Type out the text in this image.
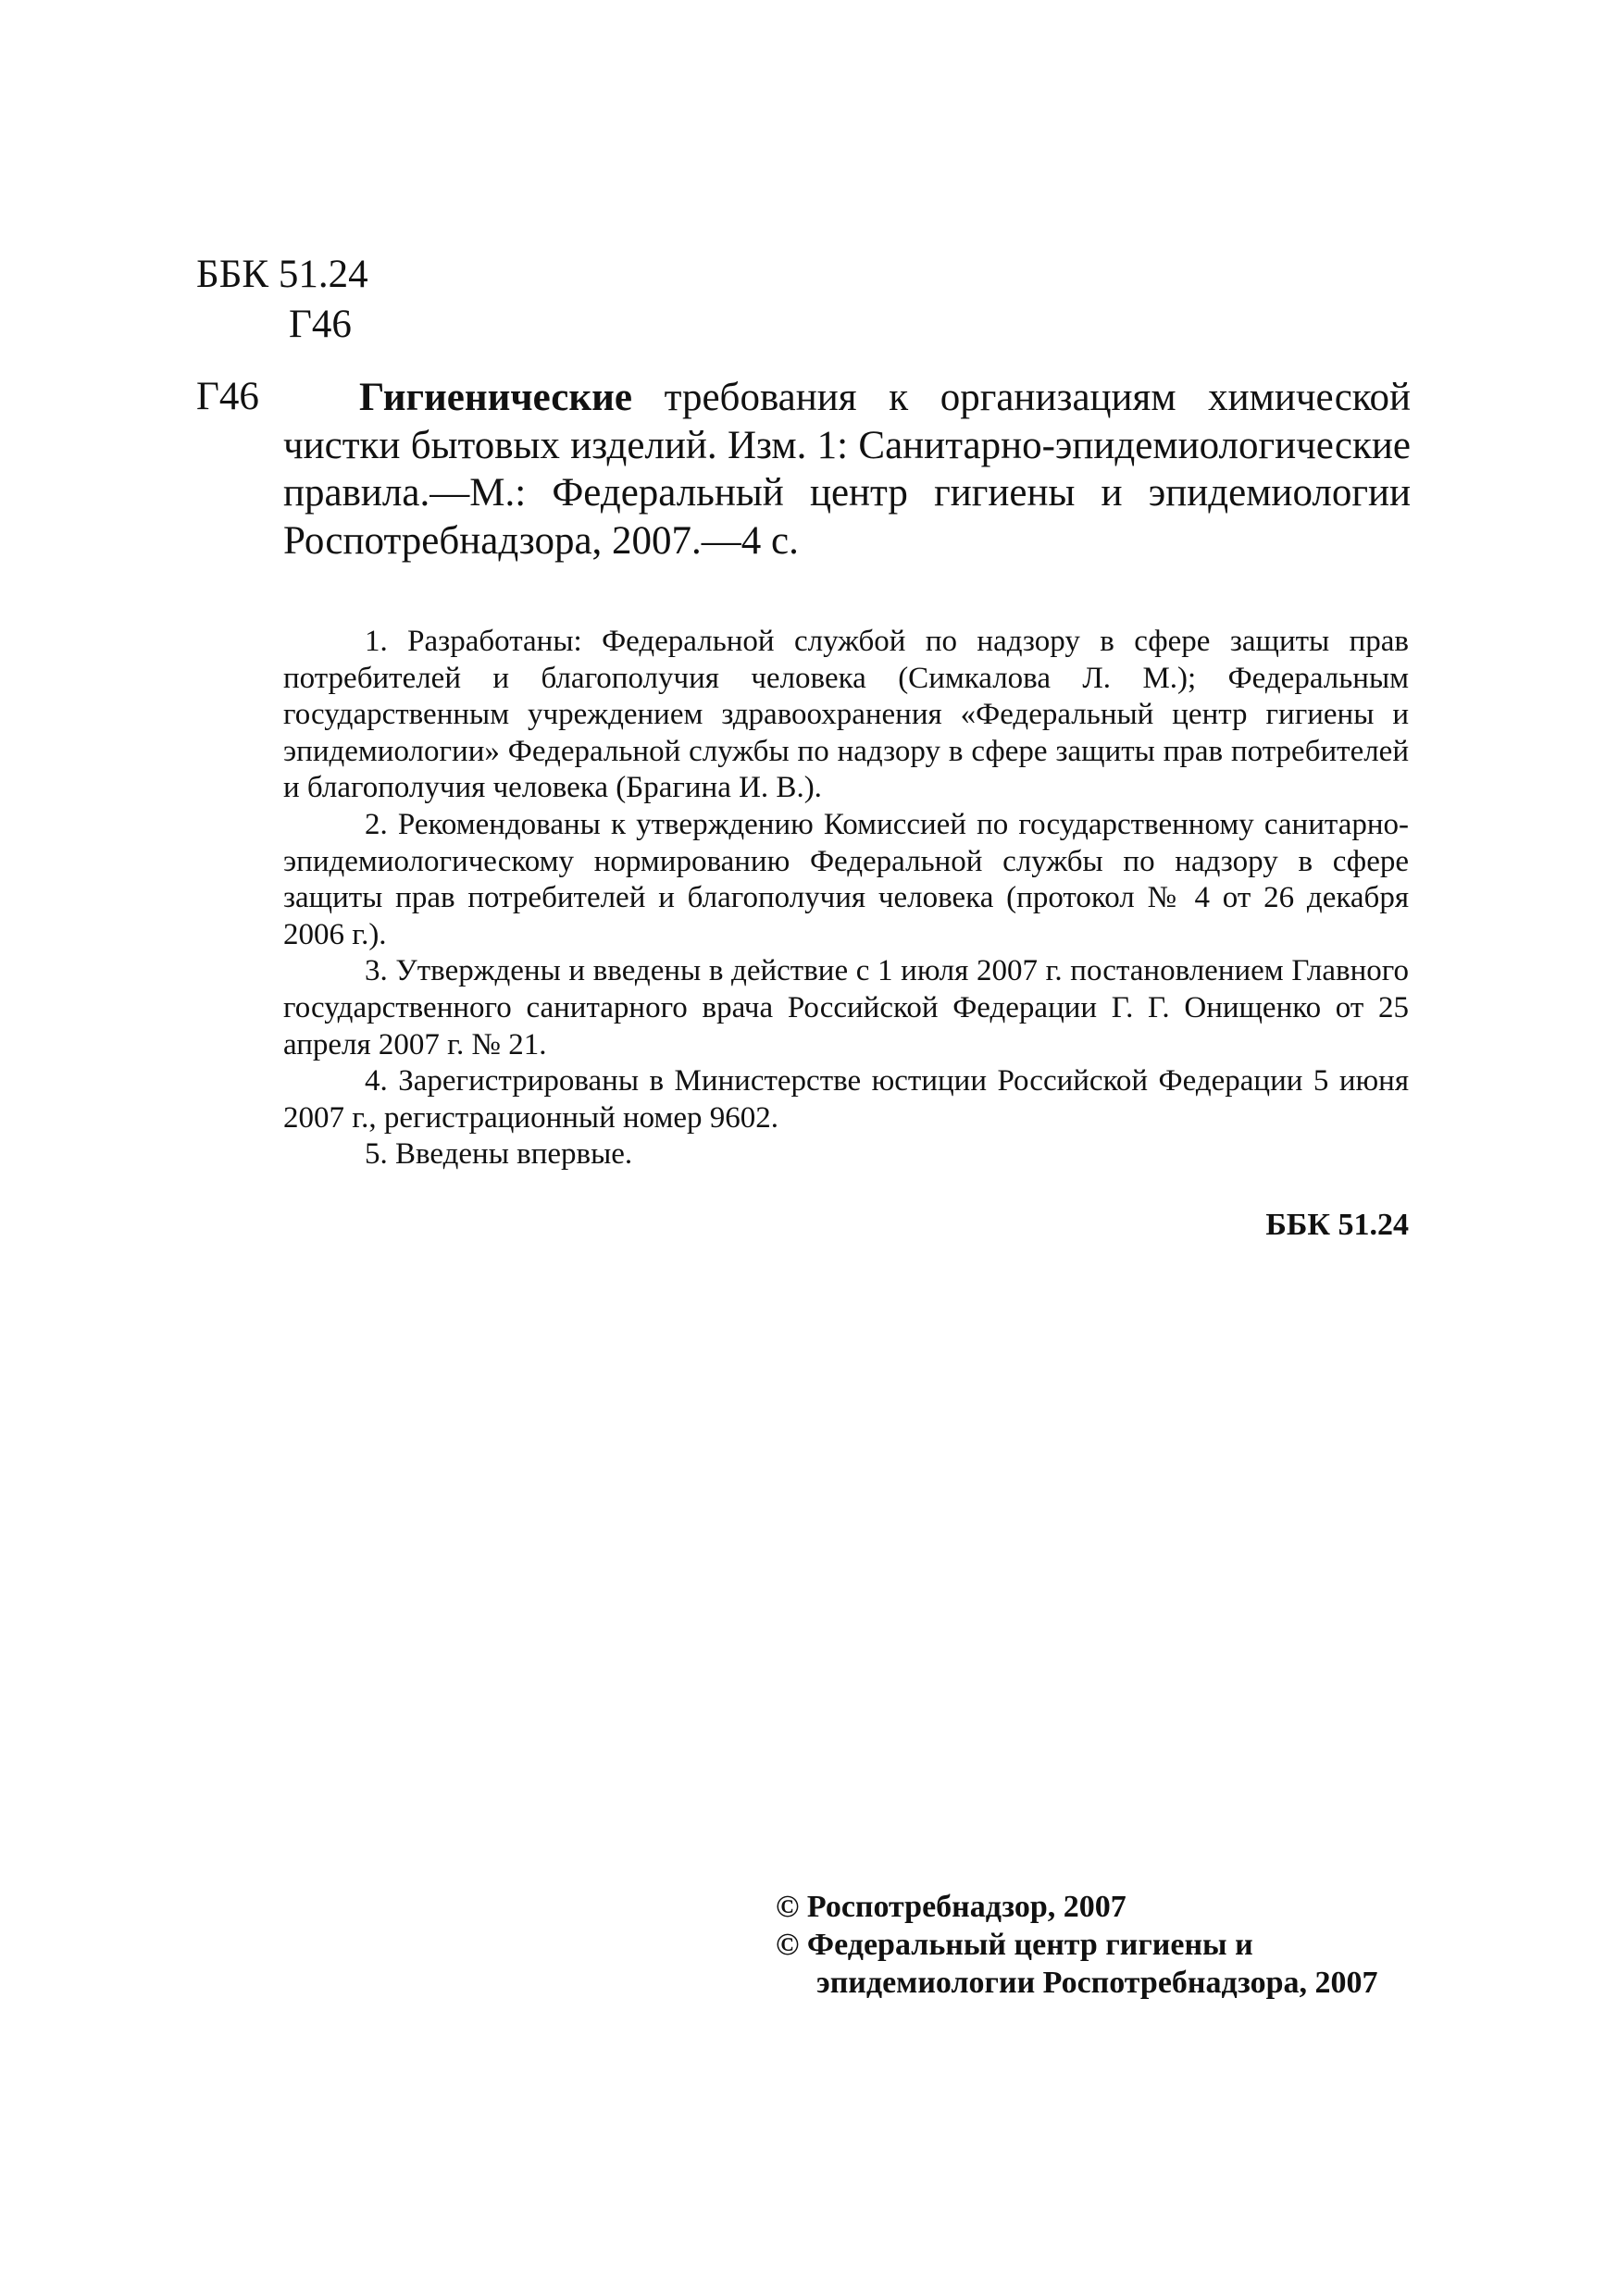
ББК 51.24
Г46
Г46	Гигиенические требования к организациям химической чистки бытовых изделий. Изм. 1: Санитарно-эпидемиологические правила.—М.: Федеральный центр гигиены и эпидемиологии Роспотребнадзора, 2007.—4 с.

1. Разработаны: Федеральной службой по надзору в сфере защиты прав потребителей и благополучия человека (Симкалова Л. М.); Федеральным государственным учреждением здравоохранения «Федеральный центр гигиены и эпидемиологии» Федеральной службы по надзору в сфере защиты прав потребителей и благополучия человека (Брагина И. В.).

2. Рекомендованы к утверждению Комиссией по государственному санитарно-эпидемиологическому нормированию Федеральной службы по надзору в сфере защиты прав потребителей и благополучия человека (протокол № 4 от 26 декабря 2006 г.).

3. Утверждены и введены в действие с 1 июля 2007 г. постановлением Главного государственного санитарного врача Российской Федерации Г. Г. Онищенко от 25 апреля 2007 г. № 21.

4. Зарегистрированы в Министерстве юстиции Российской Федерации 5 июня 2007 г., регистрационный номер 9602.

5. Введены впервые.

ББК 51.24
© Роспотребнадзор, 2007
© Федеральный центр гигиены и
эпидемиологии Роспотребнадзора, 2007
